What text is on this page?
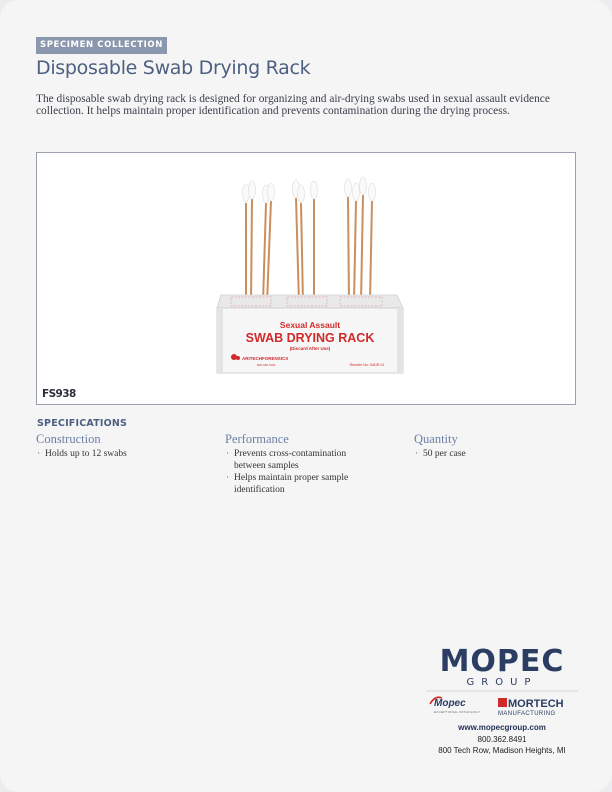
SPECIMEN COLLECTION
Disposable Swab Drying Rack
The disposable swab drying rack is designed for organizing and air-drying swabs used in sexual assault evidence collection. It helps maintain proper identification and prevents contamination during the drying process.
Sexual Assault
SWAB DRYING RACK
(Discard After Use)
ARITECHFORENSICS
800.438.7064	Reorder No: SADR-01
FS938
SPECIFICATIONS
Construction
· Holds up to 12 swabs
Performance
· Prevents cross-contamination between samples
· Helps maintain proper sample identification
Quantity
· 50 per case
MOPEC
GROUP
Mopec
EXCEPTIONAL PATHOLOGY
MORTECH
MANUFACTURING
www.mopecgroup.com
800.362.8491
800 Tech Row, Madison Heights, MI
